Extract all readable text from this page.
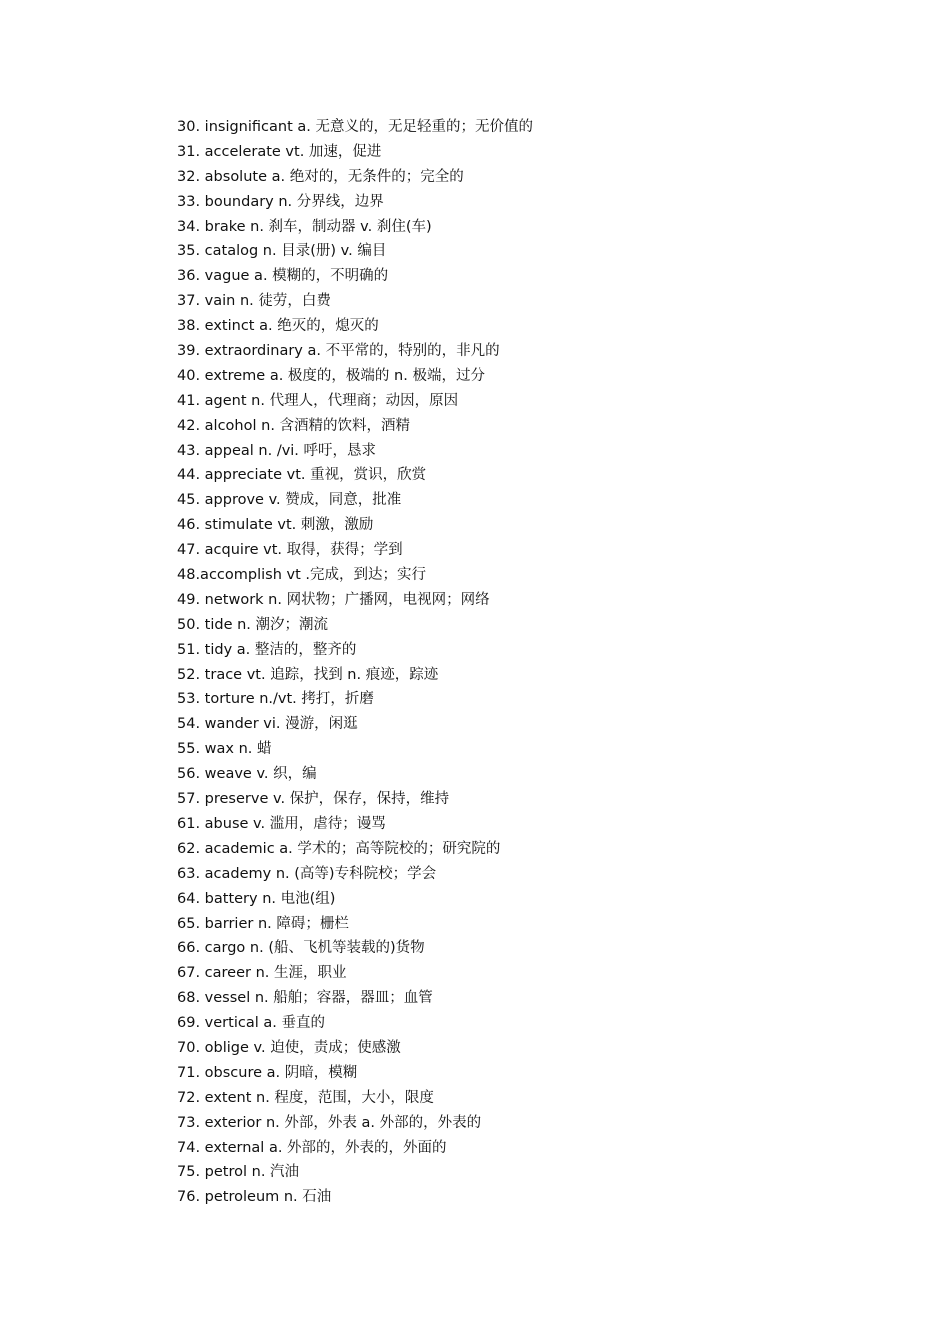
30. insignificant a. 无意义的，无足轻重的；无价值的
31. accelerate vt. 加速，促进
32. absolute a. 绝对的，无条件的；完全的
33. boundary n. 分界线，边界
34. brake n. 刹车，制动器 v. 刹住(车)
35. catalog n. 目录(册) v. 编目
36. vague a. 模糊的，不明确的
37. vain n. 徒劳，白费
38. extinct a. 绝灭的，熄灭的
39. extraordinary a. 不平常的，特别的，非凡的
40. extreme a. 极度的，极端的 n. 极端，过分
41. agent n. 代理人，代理商；动因，原因
42. alcohol n. 含酒精的饮料，酒精
43. appeal n. /vi. 呼吁，恳求
44. appreciate vt. 重视，赏识，欣赏
45. approve v. 赞成，同意，批准
46. stimulate vt. 刺激，激励
47. acquire vt. 取得，获得；学到
48.accomplish vt .完成，到达；实行
49. network n. 网状物；广播网，电视网；网络
50. tide n. 潮汐；潮流
51. tidy a. 整洁的，整齐的
52. trace vt. 追踪，找到 n. 痕迹，踪迹
53. torture n./vt. 拷打，折磨
54. wander vi. 漫游，闲逛
55. wax n. 蜡
56. weave v. 织，编
57. preserve v. 保护，保存，保持，维持
61. abuse v. 滥用，虐待；谩骂
62. academic a. 学术的；高等院校的；研究院的
63. academy n. (高等)专科院校；学会
64. battery n. 电池(组)
65. barrier n. 障碍；栅栏
66. cargo n. (船、飞机等装载的)货物
67. career n. 生涯，职业
68. vessel n. 船舶；容器，器皿；血管
69. vertical a. 垂直的
70. oblige v. 迫使，责成；使感激
71. obscure a. 阴暗，模糊
72. extent n. 程度，范围，大小，限度
73. exterior n. 外部，外表 a. 外部的，外表的
74. external a. 外部的，外表的，外面的
75. petrol n. 汽油
76. petroleum n. 石油
